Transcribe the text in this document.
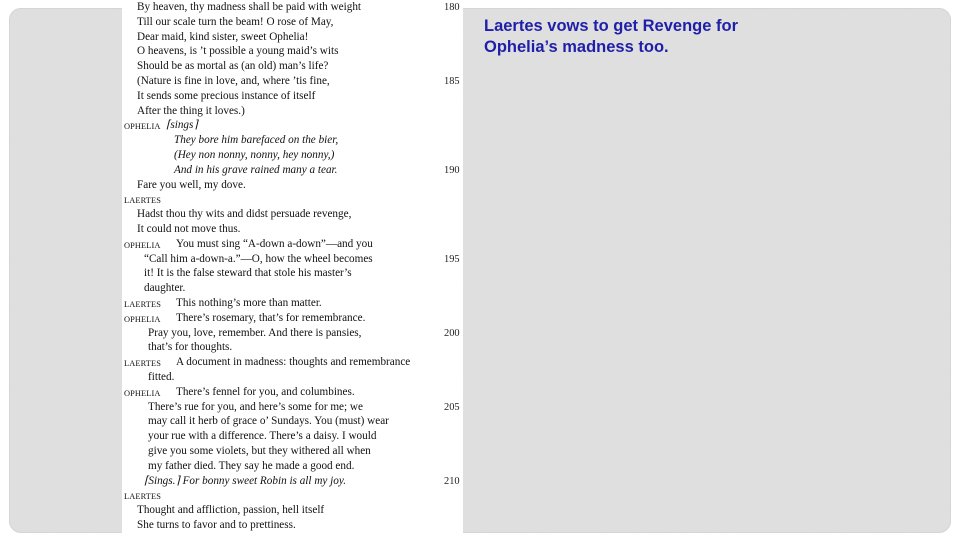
By heaven, thy madness shall be paid with weight
Till our scale turn the beam! O rose of May,
Dear maid, kind sister, sweet Ophelia!
O heavens, is ’t possible a young maid’s wits
Should be as mortal as (an old) man’s life?
(Nature is fine in love, and, where ’tis fine,
It sends some precious instance of itself
After the thing it loves.)
OPHELIA ⌈sings⌉
They bore him barefaced on the bier,
(Hey non nonny, nonny, hey nonny,)
And in his grave rained many a tear.
Fare you well, my dove.
LAERTES
Hadst thou thy wits and didst persuade revenge,
It could not move thus.
OPHELIA You must sing “A-down a-down”—and you
“Call him a-down-a.”—O, how the wheel becomes
it! It is the false steward that stole his master’s
daughter.
LAERTES This nothing’s more than matter.
OPHELIA There’s rosemary, that’s for remembrance.
Pray you, love, remember. And there is pansies,
that’s for thoughts.
LAERTES A document in madness: thoughts and remembrance
fitted.
OPHELIA There’s fennel for you, and columbines.
There’s rue for you, and here’s some for me; we
may call it herb of grace o’ Sundays. You (must) wear
your rue with a difference. There’s a daisy. I would
give you some violets, but they withered all when
my father died. They say he made a good end.
⌈Sings.⌉ For bonny sweet Robin is all my joy.
LAERTES
Thought and affliction, passion, hell itself
She turns to favor and to prettiness.
180
185
190
195
200
205
210
Laertes vows to get Revenge for Ophelia’s madness too.
